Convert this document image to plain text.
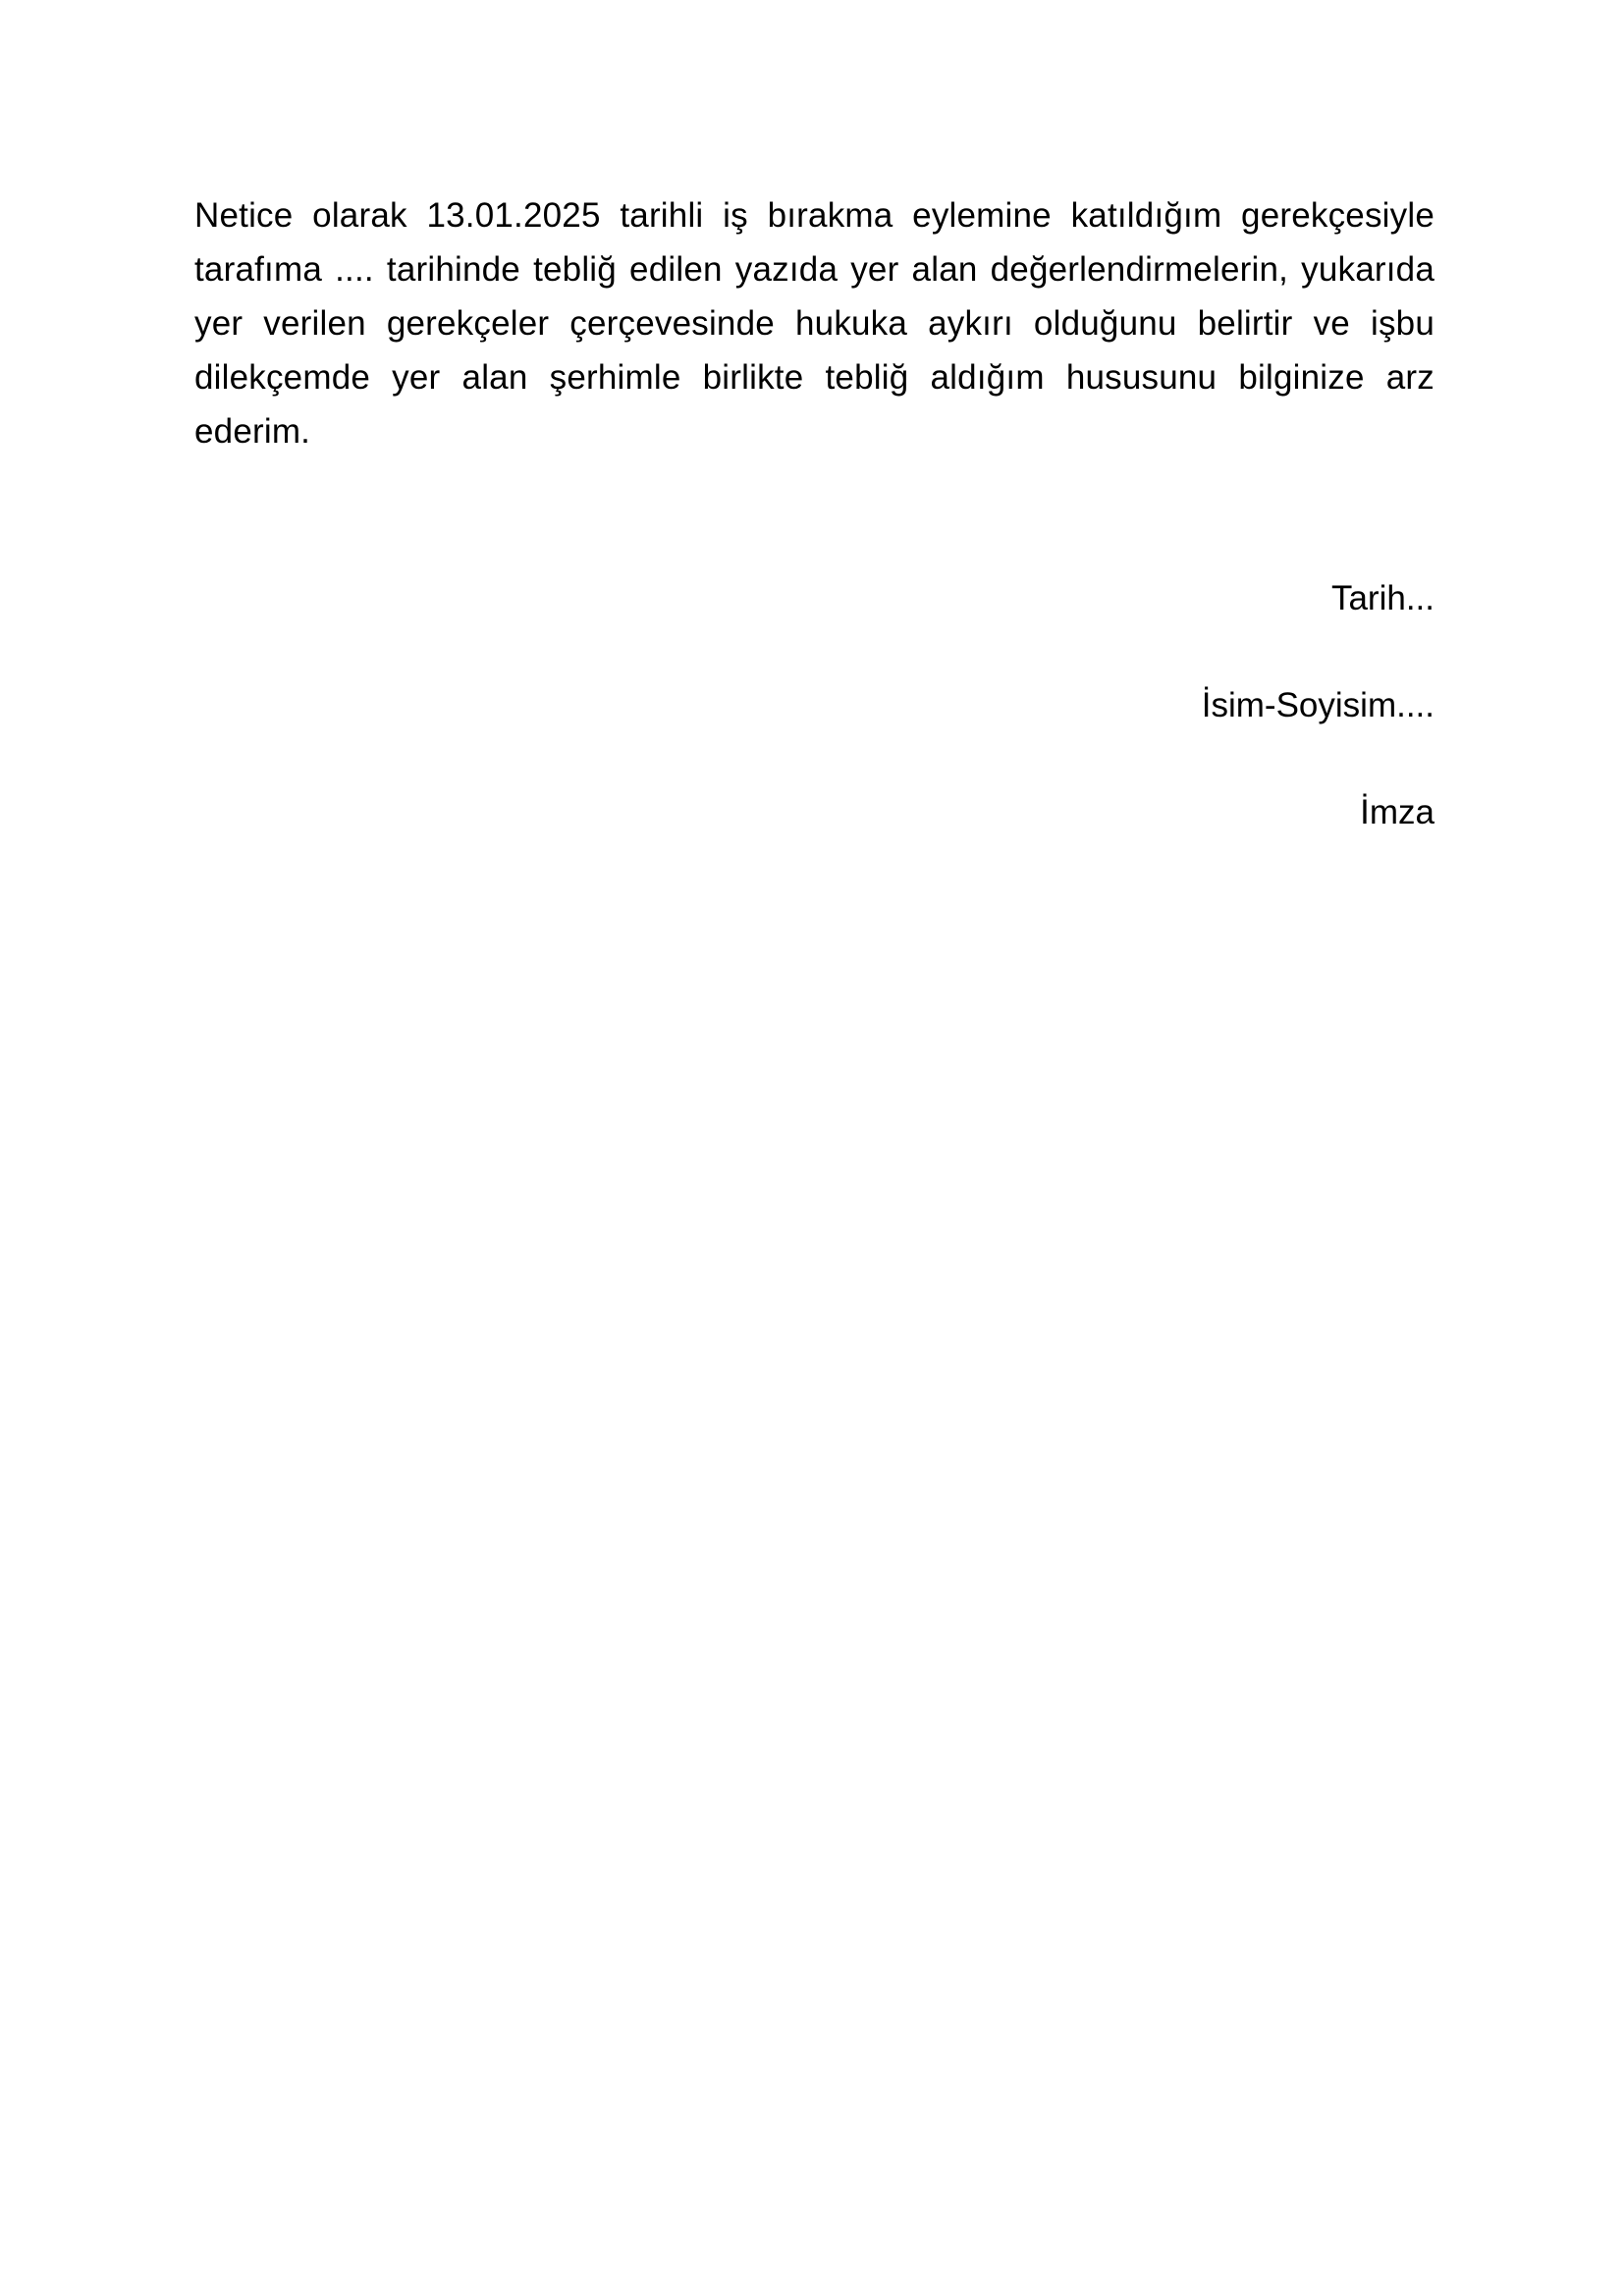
Netice olarak 13.01.2025 tarihli iş bırakma eylemine katıldığım gerekçesiyle tarafıma .... tarihinde tebliğ edilen yazıda yer alan değerlendirmelerin, yukarıda yer verilen gerekçeler çerçevesinde hukuka aykırı olduğunu belirtir ve işbu dilekçemde yer alan şerhimle birlikte tebliğ aldığım hususunu bilginize arz ederim.

Tarih...
İsim-Soyisim....
İmza
